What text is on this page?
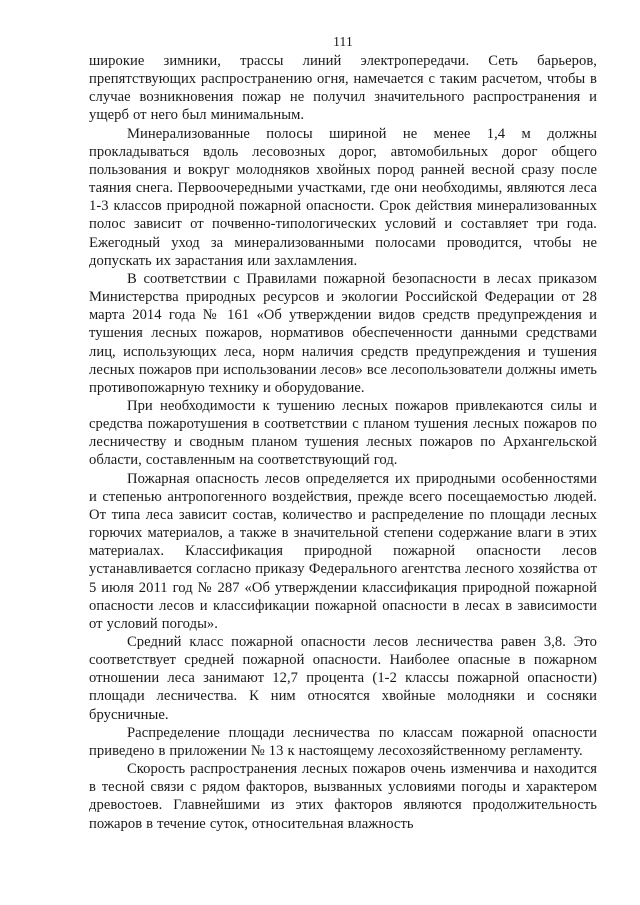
111

широкие зимники, трассы линий электропередачи. Сеть барьеров, препятствующих распространению огня, намечается с таким расчетом, чтобы в случае возникновения пожар не получил значительного распространения и ущерб от него был минимальным.

Минерализованные полосы шириной не менее 1,4 м должны прокладываться вдоль лесовозных дорог, автомобильных дорог общего пользования и вокруг молодняков хвойных пород ранней весной сразу после таяния снега. Первоочередными участками, где они необходимы, являются леса 1-3 классов природной пожарной опасности. Срок действия минерализованных полос зависит от почвенно-типологических условий и составляет три года. Ежегодный уход за минерализованными полосами проводится, чтобы не допускать их зарастания или захламления.

В соответствии с Правилами пожарной безопасности в лесах приказом Министерства природных ресурсов и экологии Российской Федерации от 28 марта 2014 года № 161 «Об утверждении видов средств предупреждения и тушения лесных пожаров, нормативов обеспеченности данными средствами лиц, использующих леса, норм наличия средств предупреждения и тушения лесных пожаров при использовании лесов» все лесопользователи должны иметь противопожарную технику и оборудование.

При необходимости к тушению лесных пожаров привлекаются силы и средства пожаротушения в соответствии с планом тушения лесных пожаров по лесничеству и сводным планом тушения лесных пожаров по Архангельской области, составленным на соответствующий год.

Пожарная опасность лесов определяется их природными особенностями и степенью антропогенного воздействия, прежде всего посещаемостью людей. От типа леса зависит состав, количество и распределение по площади лесных горючих материалов, а также в значительной степени содержание влаги в этих материалах. Классификация природной пожарной опасности лесов устанавливается согласно приказу Федерального агентства лесного хозяйства от 5 июля 2011 год № 287 «Об утверждении классификация природной пожарной опасности лесов и классификации пожарной опасности в лесах в зависимости от условий погоды».

Средний класс пожарной опасности лесов лесничества равен 3,8. Это соответствует средней пожарной опасности. Наиболее опасные в пожарном отношении леса занимают 12,7 процента (1-2 классы пожарной опасности) площади лесничества. К ним относятся хвойные молодняки и сосняки брусничные.

Распределение площади лесничества по классам пожарной опасности приведено в приложении № 13 к настоящему лесохозяйственному регламенту.

Скорость распространения лесных пожаров очень изменчива и находится в тесной связи с рядом факторов, вызванных условиями погоды и характером древостоев. Главнейшими из этих факторов являются продолжительность пожаров в течение суток, относительная влажность
